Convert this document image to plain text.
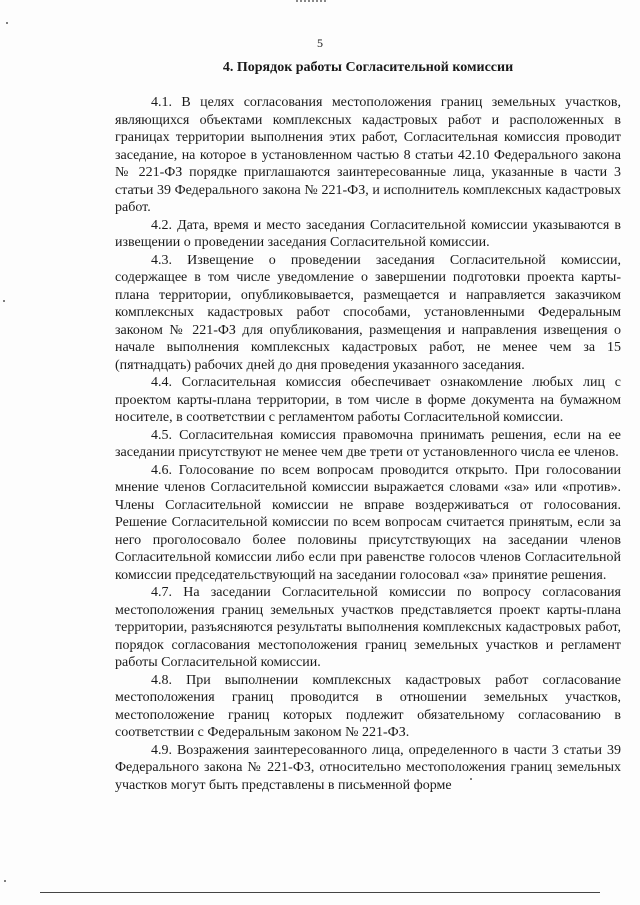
5
4. Порядок работы Согласительной комиссии

4.1. В целях согласования местоположения границ земельных участков, являющихся объектами комплексных кадастровых работ и расположенных в границах территории выполнения этих работ, Согласительная комиссия проводит заседание, на которое в установленном частью 8 статьи 42.10 Федерального закона № 221-ФЗ порядке приглашаются заинтересованные лица, указанные в части 3 статьи 39 Федерального закона № 221-ФЗ, и исполнитель комплексных кадастровых работ.

4.2. Дата, время и место заседания Согласительной комиссии указываются в извещении о проведении заседания Согласительной комиссии.

4.3. Извещение о проведении заседания Согласительной комиссии, содержащее в том числе уведомление о завершении подготовки проекта карты-плана территории, опубликовывается, размещается и направляется заказчиком комплексных кадастровых работ способами, установленными Федеральным законом № 221-ФЗ для опубликования, размещения и направления извещения о начале выполнения комплексных кадастровых работ, не менее чем за 15 (пятнадцать) рабочих дней до дня проведения указанного заседания.

4.4. Согласительная комиссия обеспечивает ознакомление любых лиц с проектом карты-плана территории, в том числе в форме документа на бумажном носителе, в соответствии с регламентом работы Согласительной комиссии.

4.5. Согласительная комиссия правомочна принимать решения, если на ее заседании присутствуют не менее чем две трети от установленного числа ее членов.

4.6. Голосование по всем вопросам проводится открыто. При голосовании мнение членов Согласительной комиссии выражается словами «за» или «против». Члены Согласительной комиссии не вправе воздерживаться от голосования. Решение Согласительной комиссии по всем вопросам считается принятым, если за него проголосовало более половины присутствующих на заседании членов Согласительной комиссии либо если при равенстве голосов членов Согласительной комиссии председательствующий на заседании голосовал «за» принятие решения.

4.7. На заседании Согласительной комиссии по вопросу согласования местоположения границ земельных участков представляется проект карты-плана территории, разъясняются результаты выполнения комплексных кадастровых работ, порядок согласования местоположения границ земельных участков и регламент работы Согласительной комиссии.

4.8. При выполнении комплексных кадастровых работ согласование местоположения границ проводится в отношении земельных участков, местоположение границ которых подлежит обязательному согласованию в соответствии с Федеральным законом № 221-ФЗ.

4.9. Возражения заинтересованного лица, определенного в части 3 статьи 39 Федерального закона № 221-ФЗ, относительно местоположения границ земельных участков могут быть представлены в письменной форме
